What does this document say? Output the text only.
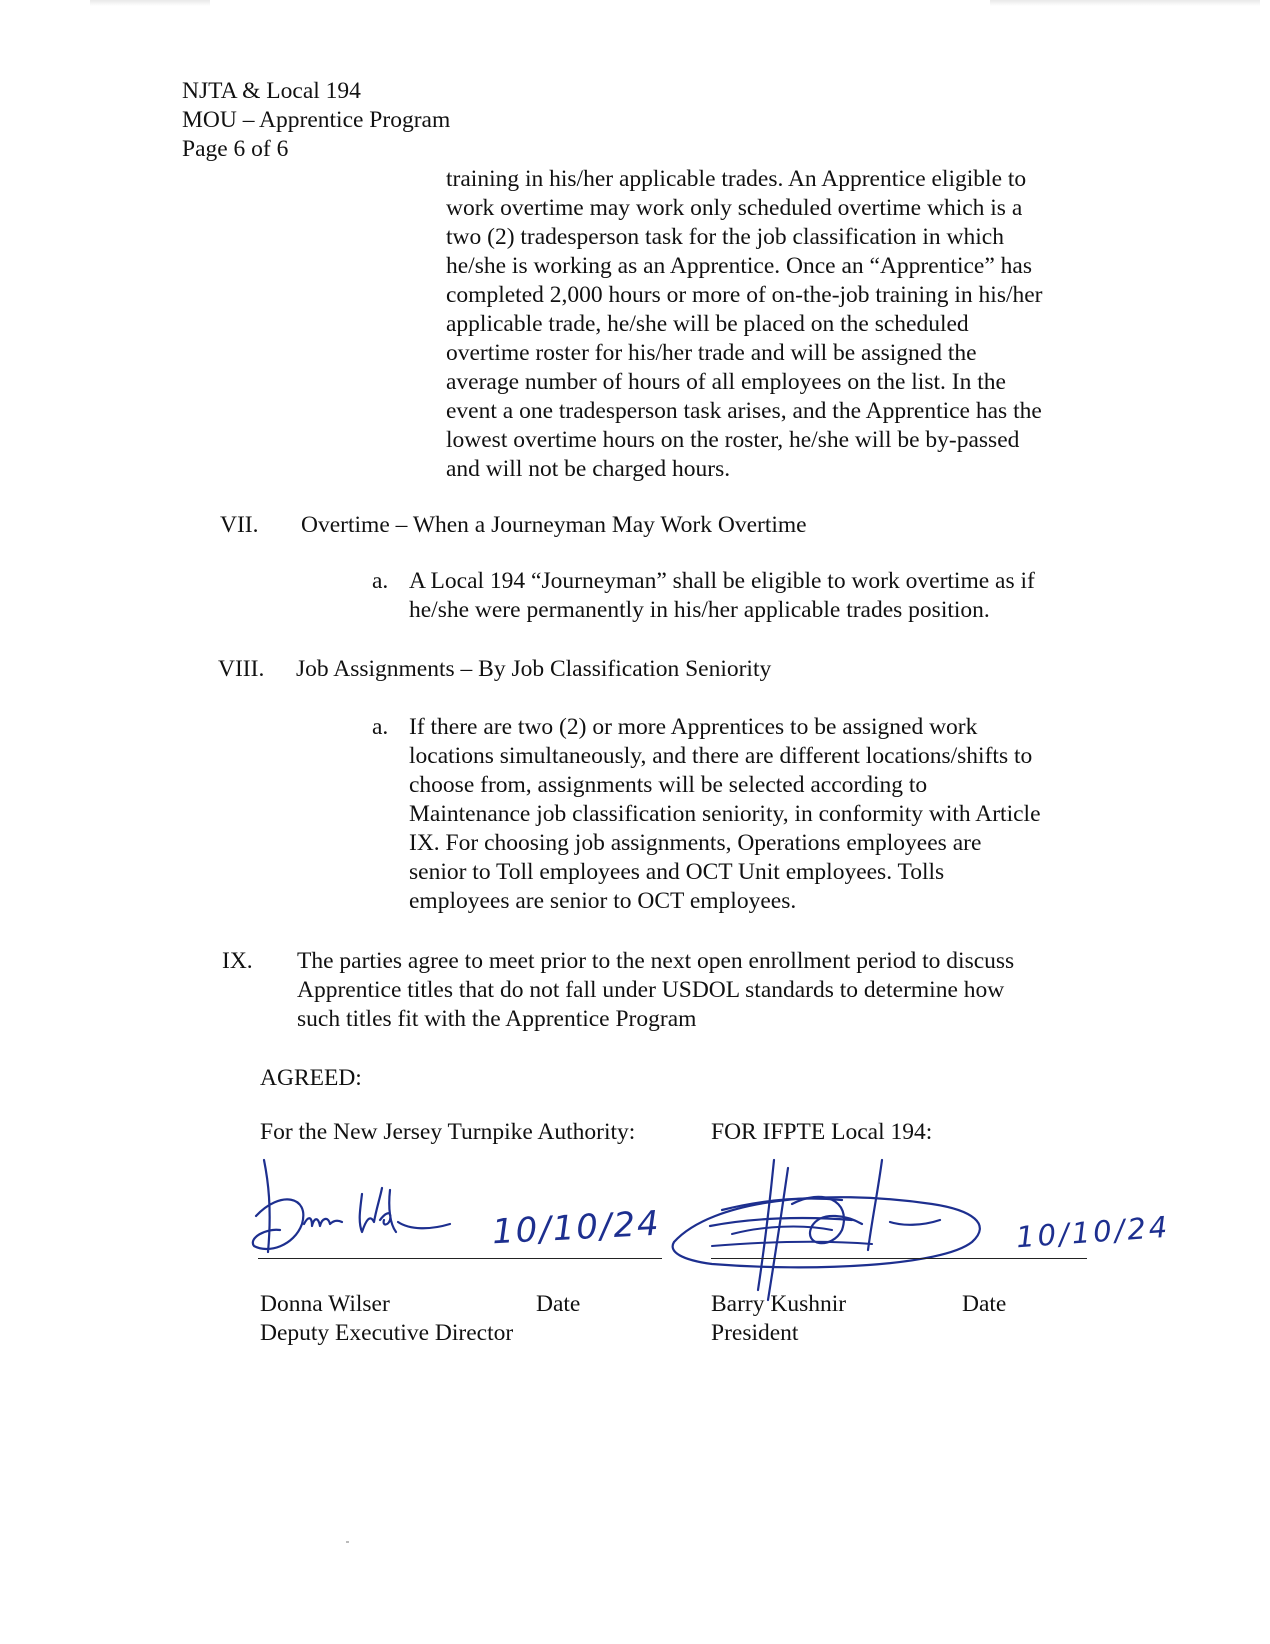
NJTA & Local 194
MOU – Apprentice Program
Page 6 of 6
training in his/her applicable trades. An Apprentice eligible to
work overtime may work only scheduled overtime which is a
two (2) tradesperson task for the job classification in which
he/she is working as an Apprentice. Once an “Apprentice” has
completed 2,000 hours or more of on-the-job training in his/her
applicable trade, he/she will be placed on the scheduled
overtime roster for his/her trade and will be assigned the
average number of hours of all employees on the list. In the
event a one tradesperson task arises, and the Apprentice has the
lowest overtime hours on the roster, he/she will be by-passed
and will not be charged hours.
VII. Overtime – When a Journeyman May Work Overtime
a. A Local 194 “Journeyman” shall be eligible to work overtime as if
he/she were permanently in his/her applicable trades position.
VIII. Job Assignments – By Job Classification Seniority
a. If there are two (2) or more Apprentices to be assigned work
locations simultaneously, and there are different locations/shifts to
choose from, assignments will be selected according to
Maintenance job classification seniority, in conformity with Article
IX. For choosing job assignments, Operations employees are
senior to Toll employees and OCT Unit employees. Tolls
employees are senior to OCT employees.
IX. The parties agree to meet prior to the next open enrollment period to discuss
Apprentice titles that do not fall under USDOL standards to determine how
such titles fit with the Apprentice Program
AGREED:
For the New Jersey Turnpike Authority:	FOR IFPTE Local 194:
10/10/24	10/10/24
Donna Wilser	Date
Deputy Executive Director
Barry Kushnir	Date
President
